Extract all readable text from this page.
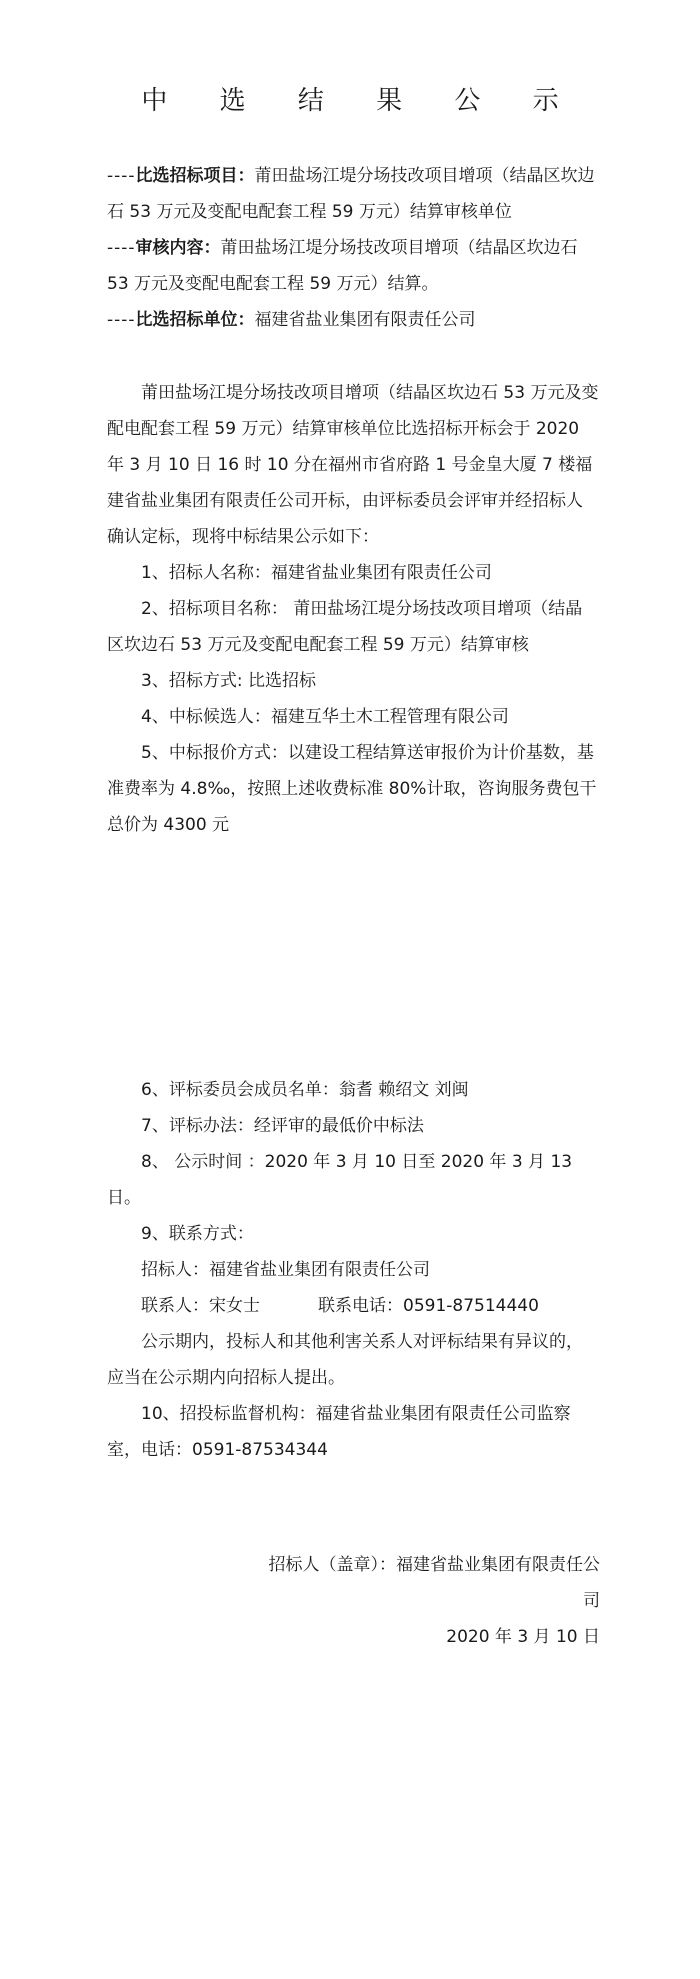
中 选 结 果 公 示

----比选招标项目：莆田盐场江堤分场技改项目增项（结晶区坎边石 53 万元及变配电配套工程 59 万元）结算审核单位

----审核内容：莆田盐场江堤分场技改项目增项（结晶区坎边石 53 万元及变配电配套工程 59 万元）结算。

----比选招标单位：福建省盐业集团有限责任公司

莆田盐场江堤分场技改项目增项（结晶区坎边石 53 万元及变配电配套工程 59 万元）结算审核单位比选招标开标会于 2020 年 3 月 10 日 16 时 10 分在福州市省府路 1 号金皇大厦 7 楼福建省盐业集团有限责任公司开标，由评标委员会评审并经招标人确认定标，现将中标结果公示如下：

1、招标人名称：福建省盐业集团有限责任公司

2、招标项目名称： 莆田盐场江堤分场技改项目增项（结晶区坎边石 53 万元及变配电配套工程 59 万元）结算审核

3、招标方式: 比选招标

4、中标候选人：福建互华土木工程管理有限公司

5、中标报价方式：以建设工程结算送审报价为计价基数，基准费率为 4.8‰，按照上述收费标准 80%计取，咨询服务费包干总价为 4300 元

6、评标委员会成员名单：翁耆 赖绍文 刘闽

7、评标办法：经评审的最低价中标法

8、 公示时间 ：2020 年 3 月 10 日至 2020 年 3 月 13 日。

9、联系方式：

招标人：福建省盐业集团有限责任公司

联系人：宋女士	联系电话：0591-87514440

公示期内，投标人和其他利害关系人对评标结果有异议的，应当在公示期内向招标人提出。

10、招投标监督机构：福建省盐业集团有限责任公司监察室，电话：0591-87534344

招标人（盖章）：福建省盐业集团有限责任公
司
2020 年 3 月 10 日
